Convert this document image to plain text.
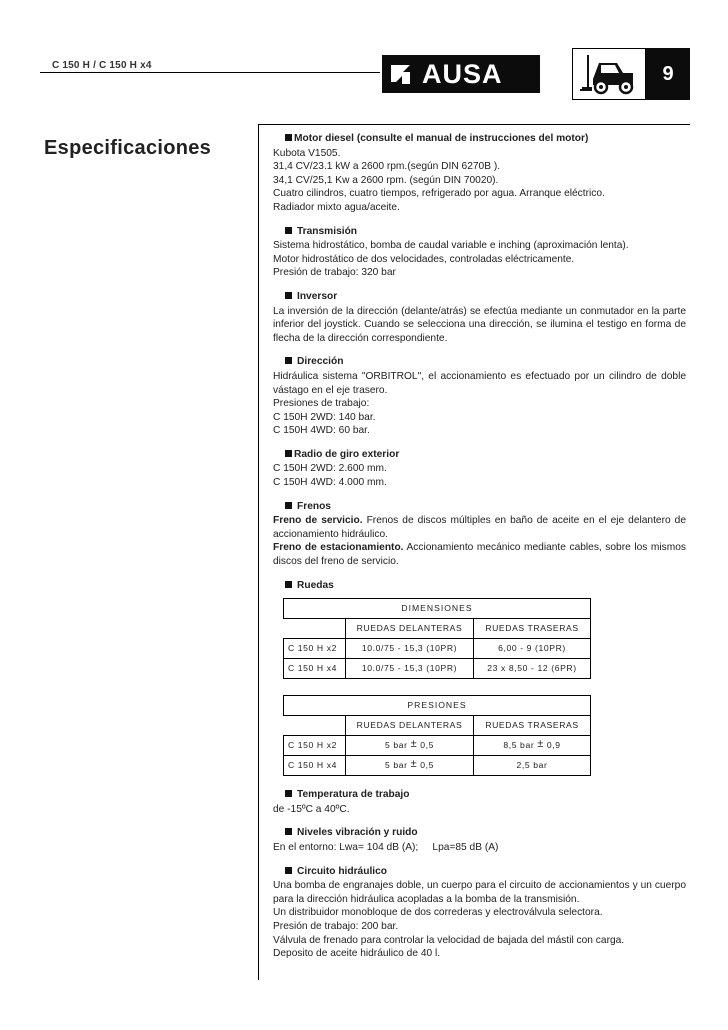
C 150 H / C 150 H x4	AUSA	9
Especificaciones	Motor diesel (consulte el manual de instrucciones del motor)

Kubota V1505.

31,4 CV/23.1 kW a 2600 rpm.(según DIN 6270B ).

34,1 CV/25,1 Kw a 2600 rpm. (según DIN 70020).

Cuatro cilindros, cuatro tiempos, refrigerado por agua. Arranque eléctrico.

Radiador mixto agua/aceite.

Transmisión

Sistema hidrostático, bomba de caudal variable e inching (aproximación lenta).

Motor hidrostático de dos velocidades, controladas eléctricamente.

Presión de trabajo: 320 bar

Inversor

La inversión de la dirección (delante/atrás) se efectúa mediante un conmutador en la parte inferior del joystick. Cuando se selecciona una dirección, se ilumina el testigo en forma de flecha de la dirección correspondiente.

Dirección

Hidráulica sistema "ORBITROL", el accionamiento es efectuado por un cilindro de doble vástago en el eje trasero.

Presiones de trabajo:

C 150H 2WD: 140 bar.

C 150H 4WD: 60 bar.

Radio de giro exterior

C 150H 2WD: 2.600 mm.

C 150H 4WD: 4.000 mm.

Frenos

Freno de servicio. Frenos de discos múltiples en baño de aceite en el eje delantero de accionamiento hidráulico.

Freno de estacionamiento. Accionamiento mecánico mediante cables, sobre los mismos discos del freno de servicio.

Ruedas
DIMENSIONES		
	RUEDAS DELANTERAS	RUEDAS TRASERAS
C 150 H x2	10.0/75 - 15,3 (10PR)	6,00 - 9 (10PR)
C 150 H x4	10.0/75 - 15,3 (10PR)	23 x 8,50 - 12 (6PR)
PRESIONES		
	RUEDAS DELANTERAS	RUEDAS TRASERAS
C 150 H x2	5 bar ± 0,5	8,5 bar ± 0,9
C 150 H x4	5 bar ± 0,5	2,5 bar
Temperatura de trabajo

de -15ºC a 40ºC.

Niveles vibración y ruido

En el entorno: Lwa= 104 dB (A);     Lpa=85 dB (A)

Circuito hidráulico

Una bomba de engranajes doble, un cuerpo para el circuito de accionamientos y un cuerpo para la dirección hidráulica acopladas a la bomba de la transmisión.

Un distribuidor monobloque de dos correderas y electroválvula selectora.

Presión de trabajo: 200 bar.

Válvula de frenado para controlar la velocidad de bajada del mástil con carga.

Deposito de aceite hidráulico de 40 l.
